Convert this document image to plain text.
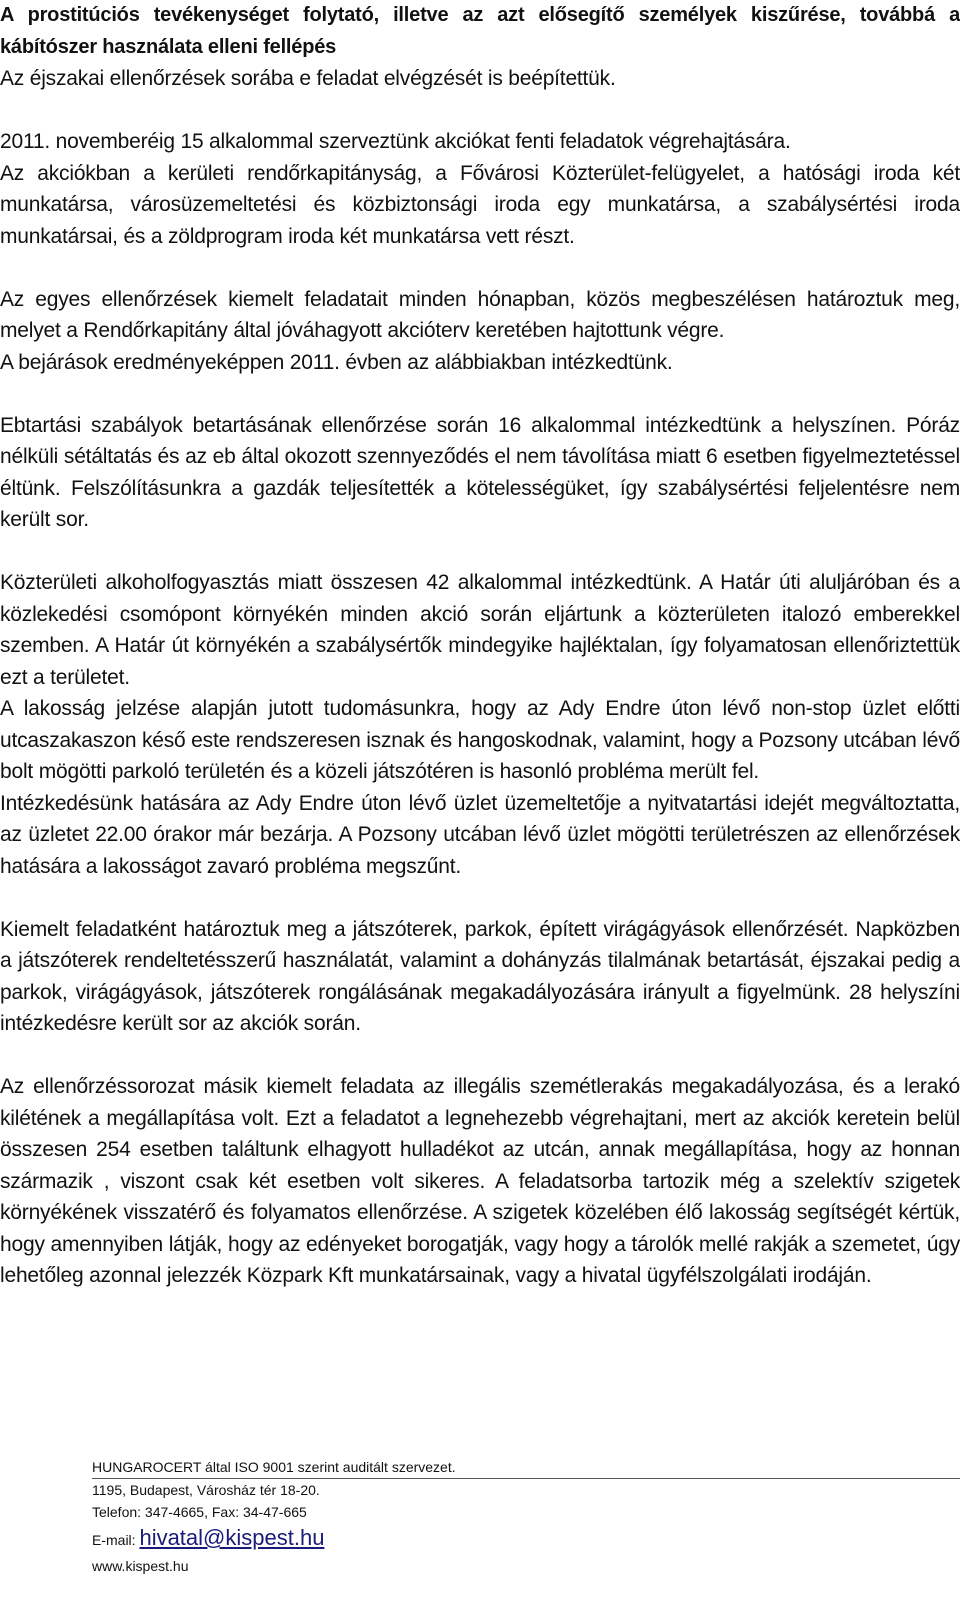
A prostitúciós tevékenységet folytató, illetve az azt elősegítő személyek kiszűrése, továbbá a kábítószer használata elleni fellépés

Az éjszakai ellenőrzések sorába e feladat elvégzését is beépítettük.

2011. novemberéig 15 alkalommal szerveztünk akciókat fenti feladatok végrehajtására.

Az akciókban a kerületi rendőrkapitányság, a Fővárosi Közterület-felügyelet, a hatósági iroda két munkatársa, városüzemeltetési és közbiztonsági iroda egy munkatársa, a szabálysértési iroda munkatársai, és a zöldprogram iroda két munkatársa vett részt.

Az egyes ellenőrzések kiemelt feladatait minden hónapban, közös megbeszélésen határoztuk meg, melyet a Rendőrkapitány által jóváhagyott akcióterv keretében hajtottunk végre.

A bejárások eredményeképpen 2011. évben az alábbiakban intézkedtünk.

Ebtartási szabályok betartásának ellenőrzése során 16 alkalommal intézkedtünk a helyszínen. Póráz nélküli sétáltatás és az eb által okozott szennyeződés el nem távolítása miatt 6 esetben figyelmeztetéssel éltünk. Felszólításunkra a gazdák teljesítették a kötelességüket, így szabálysértési feljelentésre nem került sor.

Közterületi alkoholfogyasztás miatt összesen 42 alkalommal intézkedtünk. A Határ úti aluljáróban és a közlekedési csomópont környékén minden akció során eljártunk a közterületen italozó emberekkel szemben. A Határ út környékén a szabálysértők mindegyike hajléktalan, így folyamatosan ellenőriztettük ezt a területet.

A lakosság jelzése alapján jutott tudomásunkra, hogy az Ady Endre úton lévő non-stop üzlet előtti utcaszakaszon késő este rendszeresen isznak és hangoskodnak, valamint, hogy a Pozsony utcában lévő bolt mögötti parkoló területén és a közeli játszótéren is hasonló probléma merült fel.

Intézkedésünk hatására az Ady Endre úton lévő üzlet üzemeltetője a nyitvatartási idejét megváltoztatta, az üzletet 22.00 órakor már bezárja. A Pozsony utcában lévő üzlet mögötti területrészen az ellenőrzések hatására a lakosságot zavaró probléma megszűnt.

Kiemelt feladatként határoztuk meg a játszóterek, parkok, épített virágágyások ellenőrzését. Napközben a játszóterek rendeltetésszerű használatát, valamint a dohányzás tilalmának betartását, éjszakai pedig a parkok, virágágyások, játszóterek rongálásának megakadályozására irányult a figyelmünk. 28 helyszíni intézkedésre került sor az akciók során.

Az ellenőrzéssorozat másik kiemelt feladata az illegális szemétlerakás megakadályozása, és a lerakó kilétének a megállapítása volt. Ezt a feladatot a legnehezebb végrehajtani, mert az akciók keretein belül összesen 254 esetben találtunk elhagyott hulladékot az utcán, annak megállapítása, hogy az honnan származik , viszont csak két esetben volt sikeres. A feladatsorba tartozik még a szelektív szigetek környékének visszatérő és folyamatos ellenőrzése. A szigetek közelében élő lakosság segítségét kértük, hogy amennyiben látják, hogy az edényeket borogatják, vagy hogy a tárolók mellé rakják a szemetet, úgy lehetőleg azonnal jelezzék Közpark Kft munkatársainak, vagy a hivatal ügyfélszolgálati irodáján.

HUNGAROCERT által ISO 9001 szerint auditált szervezet.
1195, Budapest, Városház tér 18-20.
Telefon: 347-4665, Fax: 34-47-665
E-mail: hivatal@kispest.hu
www.kispest.hu
